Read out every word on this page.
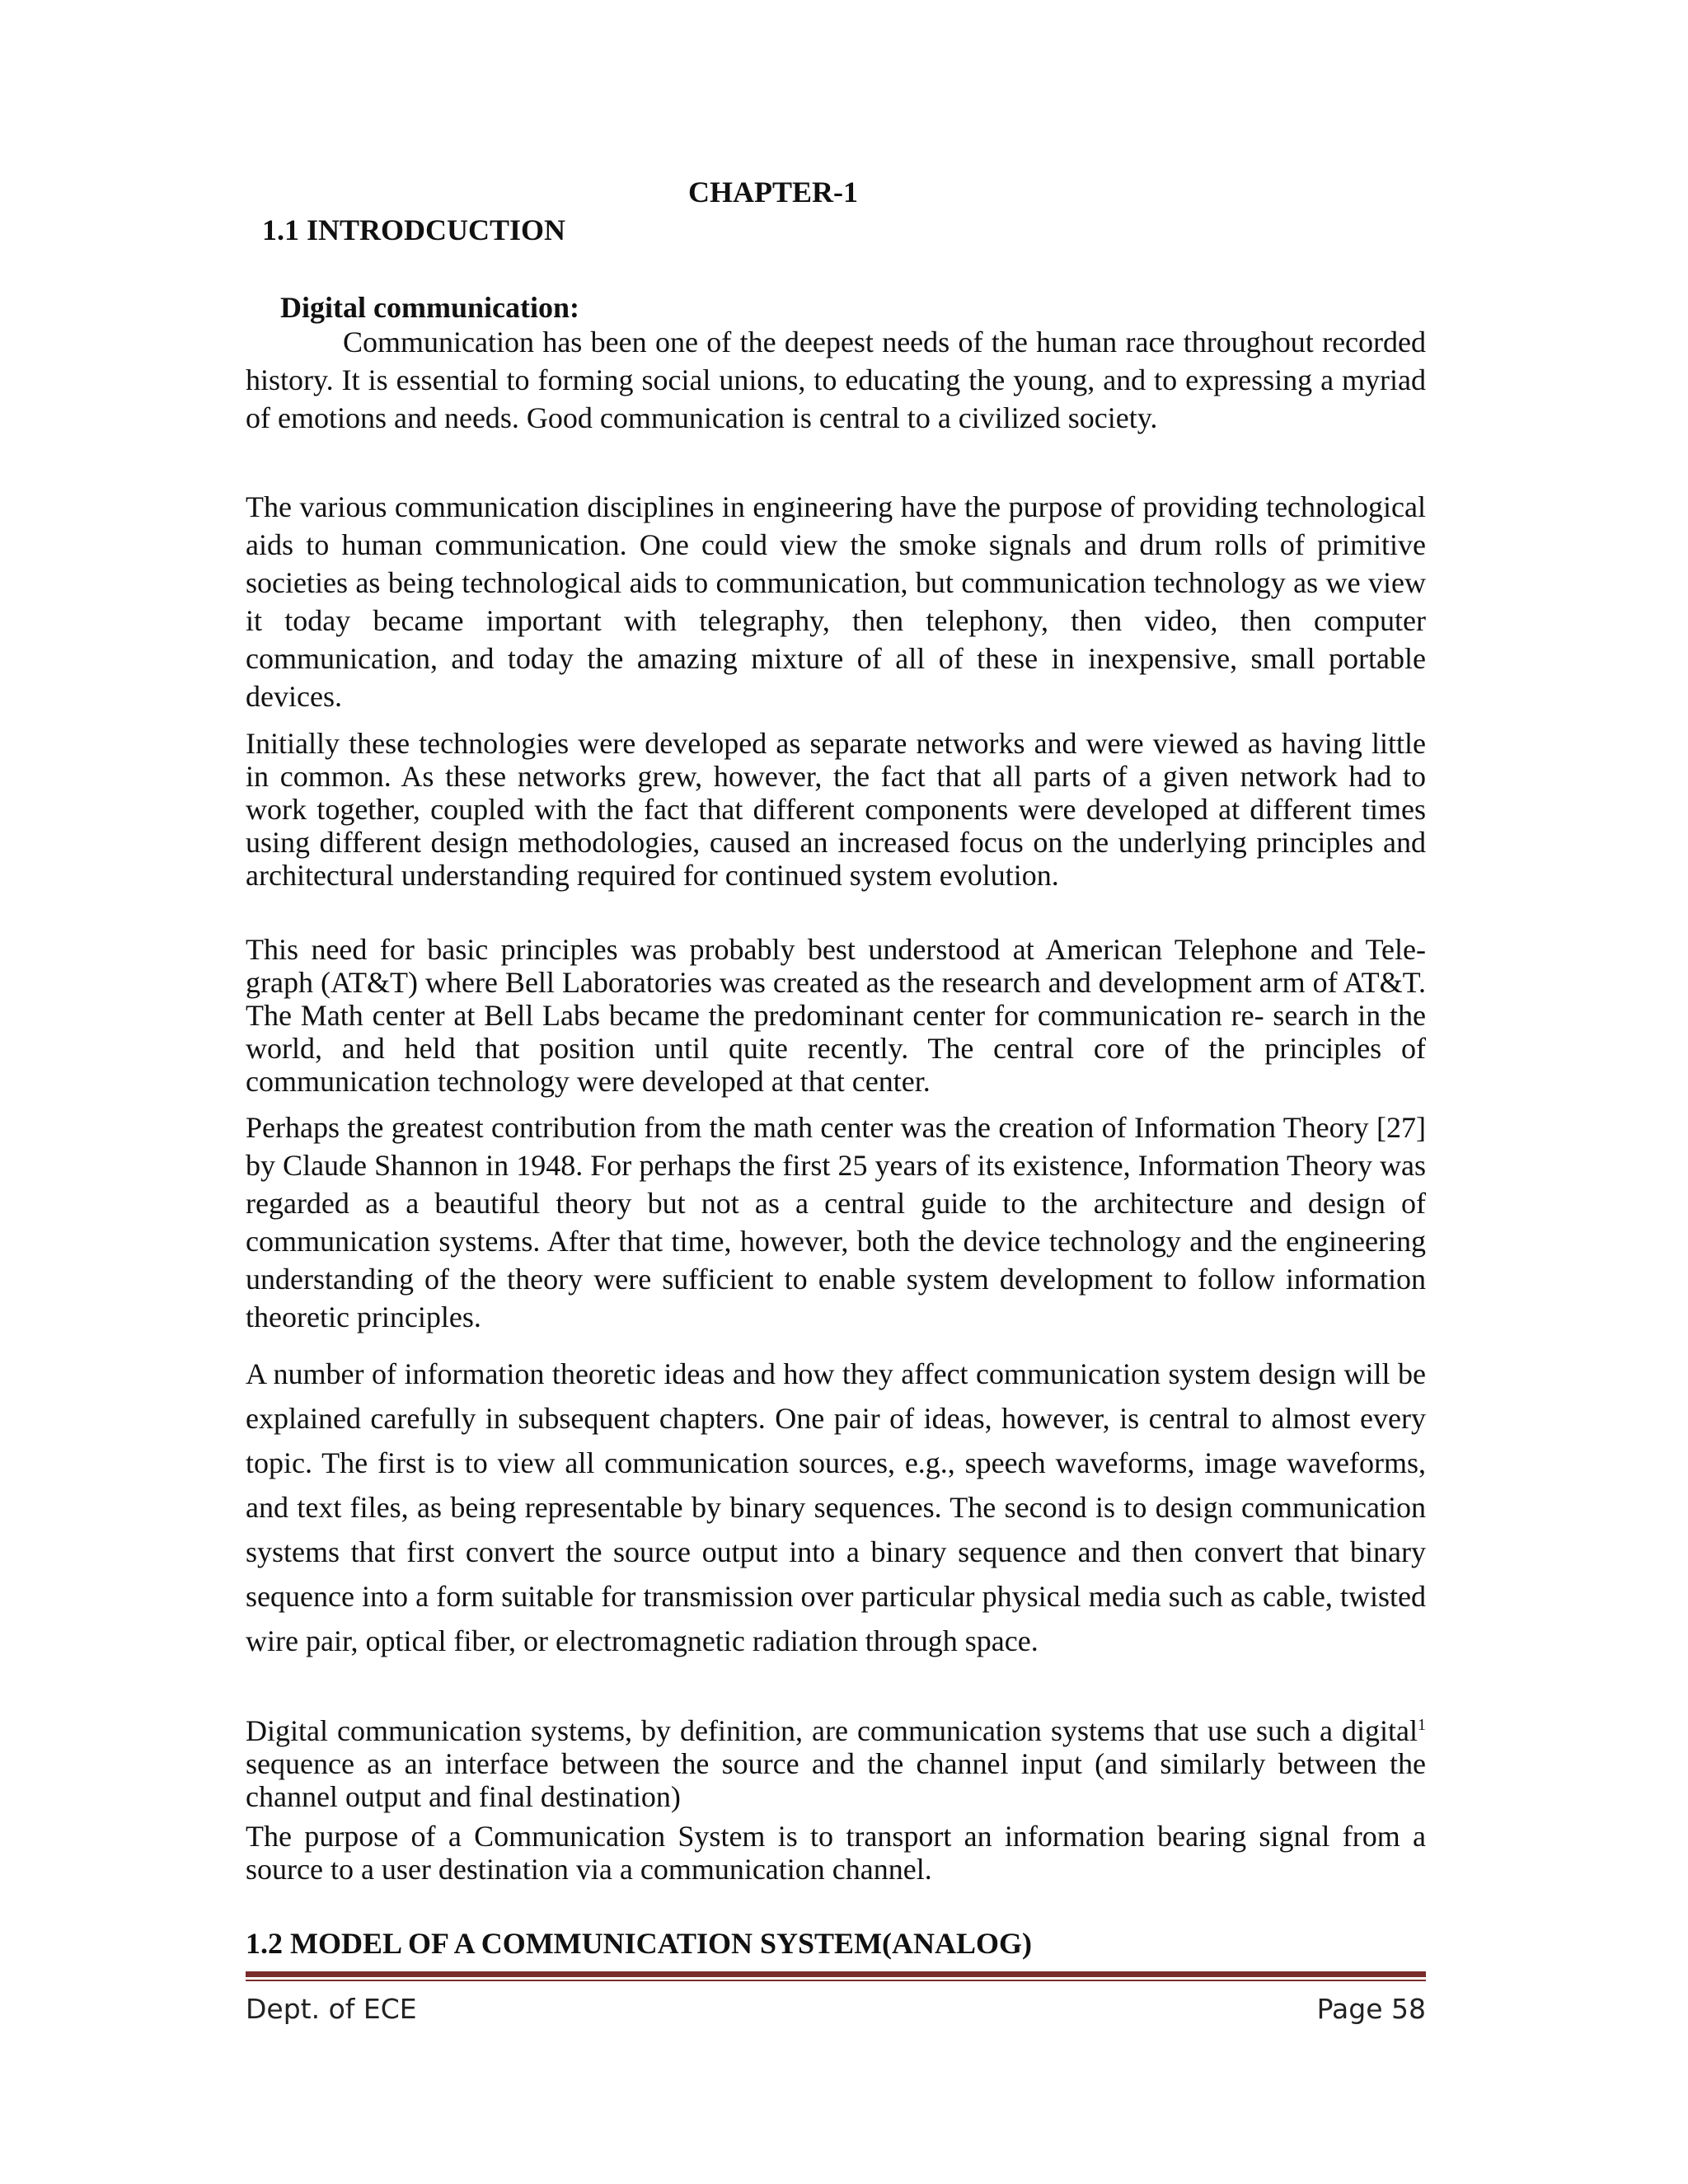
CHAPTER-1
1.1 INTRODCUCTION
Digital communication:

Communication has been one of the deepest needs of the human race throughout recorded history. It is essential to forming social unions, to educating the young, and to expressing a myriad of emotions and needs. Good communication is central to a civilized society.

The various communication disciplines in engineering have the purpose of providing technological aids to human communication. One could view the smoke signals and drum rolls of primitive societies as being technological aids to communication, but communication technology as we view it today became important with telegraphy, then telephony, then video, then computer communication, and today the amazing mixture of all of these in inexpensive, small portable devices.

Initially these technologies were developed as separate networks and were viewed as having little in common. As these networks grew, however, the fact that all parts of a given network had to work together, coupled with the fact that different components were developed at different times using different design methodologies, caused an increased focus on the underlying principles and architectural understanding required for continued system evolution.

This need for basic principles was probably best understood at American Telephone and Tele- graph (AT&T) where Bell Laboratories was created as the research and development arm of AT&T. The Math center at Bell Labs became the predominant center for communication re- search in the world, and held that position until quite recently. The central core of the principles of communication technology were developed at that center.

Perhaps the greatest contribution from the math center was the creation of Information Theory [27] by Claude Shannon in 1948. For perhaps the first 25 years of its existence, Information Theory was regarded as a beautiful theory but not as a central guide to the architecture and design of communication systems. After that time, however, both the device technology and the engineering understanding of the theory were sufficient to enable system development to follow information theoretic principles.

A number of information theoretic ideas and how they affect communication system design will be explained carefully in subsequent chapters. One pair of ideas, however, is central to almost every topic. The first is to view all communication sources, e.g., speech waveforms, image waveforms, and text files, as being representable by binary sequences. The second is to design communication systems that first convert the source output into a binary sequence and then convert that binary sequence into a form suitable for transmission over particular physical media such as cable, twisted wire pair, optical fiber, or electromagnetic radiation through space.

Digital communication systems, by definition, are communication systems that use such a digital$^1$ sequence as an interface between the source and the channel input (and similarly between the channel output and final destination)

The purpose of a Communication System is to transport an information bearing signal from a source to a user destination via a communication channel.

1.2 MODEL OF A COMMUNICATION SYSTEM(ANALOG)
Dept. of ECE	Page 58
